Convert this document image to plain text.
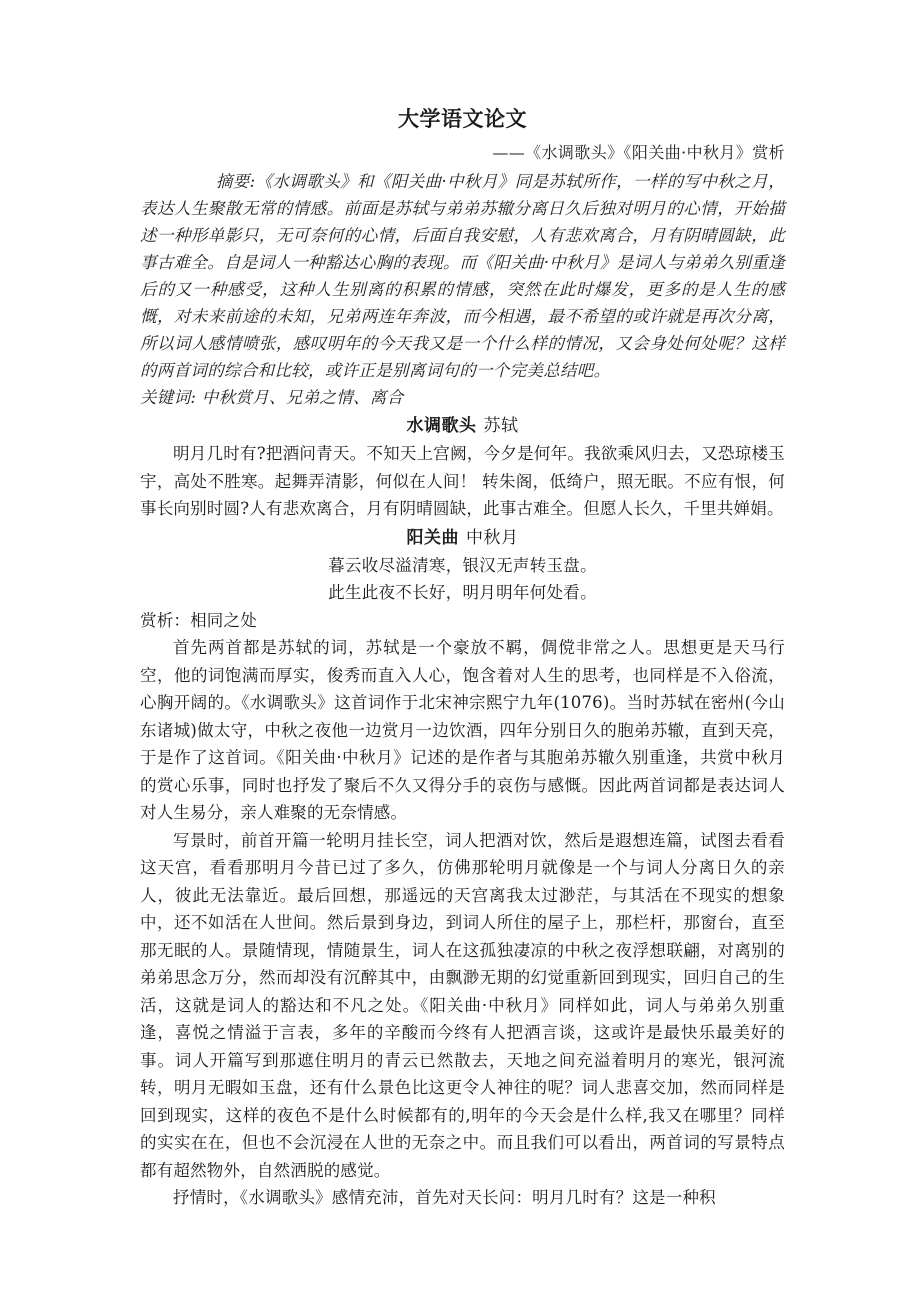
大学语文论文
——《水调歌头》《阳关曲·中秋月》赏析

摘要:《水调歌头》和《阳关曲·中秋月》同是苏轼所作，一样的写中秋之月，表达人生聚散无常的情感。前面是苏轼与弟弟苏辙分离日久后独对明月的心情，开始描述一种形单影只，无可奈何的心情，后面自我安慰，人有悲欢离合，月有阴晴圆缺，此事古难全。自是词人一种豁达心胸的表现。而《阳关曲·中秋月》是词人与弟弟久别重逢后的又一种感受，这种人生别离的积累的情感，突然在此时爆发，更多的是人生的感慨，对未来前途的未知，兄弟两连年奔波，而今相遇，最不希望的或许就是再次分离，所以词人感情喷张，感叹明年的今天我又是一个什么样的情况，又会身处何处呢？这样的两首词的综合和比较，或许正是别离词句的一个完美总结吧。

关键词: 中秋赏月、兄弟之情、离合

水调歌头 苏轼

明月几时有?把酒问青天。不知天上宫阙，今夕是何年。我欲乘风归去，又恐琼楼玉宇，高处不胜寒。起舞弄清影，何似在人间！ 转朱阁，低绮户，照无眠。不应有恨，何事长向别时圆?人有悲欢离合，月有阴晴圆缺，此事古难全。但愿人长久，千里共婵娟。

阳关曲 中秋月

暮云收尽溢清寒，银汉无声转玉盘。

此生此夜不长好，明月明年何处看。

赏析：相同之处

首先两首都是苏轼的词，苏轼是一个豪放不羁，倜傥非常之人。思想更是天马行空，他的词饱满而厚实，俊秀而直入人心，饱含着对人生的思考，也同样是不入俗流，心胸开阔的。《水调歌头》这首词作于北宋神宗熙宁九年(1076)。当时苏轼在密州(今山东诸城)做太守，中秋之夜他一边赏月一边饮酒，四年分别日久的胞弟苏辙，直到天亮，于是作了这首词。《阳关曲·中秋月》记述的是作者与其胞弟苏辙久别重逢，共赏中秋月的赏心乐事，同时也抒发了聚后不久又得分手的哀伤与感慨。因此两首词都是表达词人对人生易分，亲人难聚的无奈情感。

写景时，前首开篇一轮明月挂长空，词人把酒对饮，然后是遐想连篇，试图去看看这天宫，看看那明月今昔已过了多久，仿佛那轮明月就像是一个与词人分离日久的亲人，彼此无法靠近。最后回想，那遥远的天宫离我太过渺茫，与其活在不现实的想象中，还不如活在人世间。然后景到身边，到词人所住的屋子上，那栏杆，那窗台，直至那无眠的人。景随情现，情随景生，词人在这孤独凄凉的中秋之夜浮想联翩，对离别的弟弟思念万分，然而却没有沉醉其中，由飘渺无期的幻觉重新回到现实，回归自己的生活，这就是词人的豁达和不凡之处。《阳关曲·中秋月》同样如此，词人与弟弟久别重逢，喜悦之情溢于言表，多年的辛酸而今终有人把酒言谈，这或许是最快乐最美好的事。词人开篇写到那遮住明月的青云已然散去，天地之间充溢着明月的寒光，银河流转，明月无暇如玉盘，还有什么景色比这更令人神往的呢？词人悲喜交加，然而同样是回到现实，这样的夜色不是什么时候都有的,明年的今天会是什么样,我又在哪里？同样的实实在在，但也不会沉浸在人世的无奈之中。而且我们可以看出，两首词的写景特点都有超然物外，自然洒脱的感觉。

抒情时，《水调歌头》感情充沛，首先对天长问：明月几时有？这是一种积
